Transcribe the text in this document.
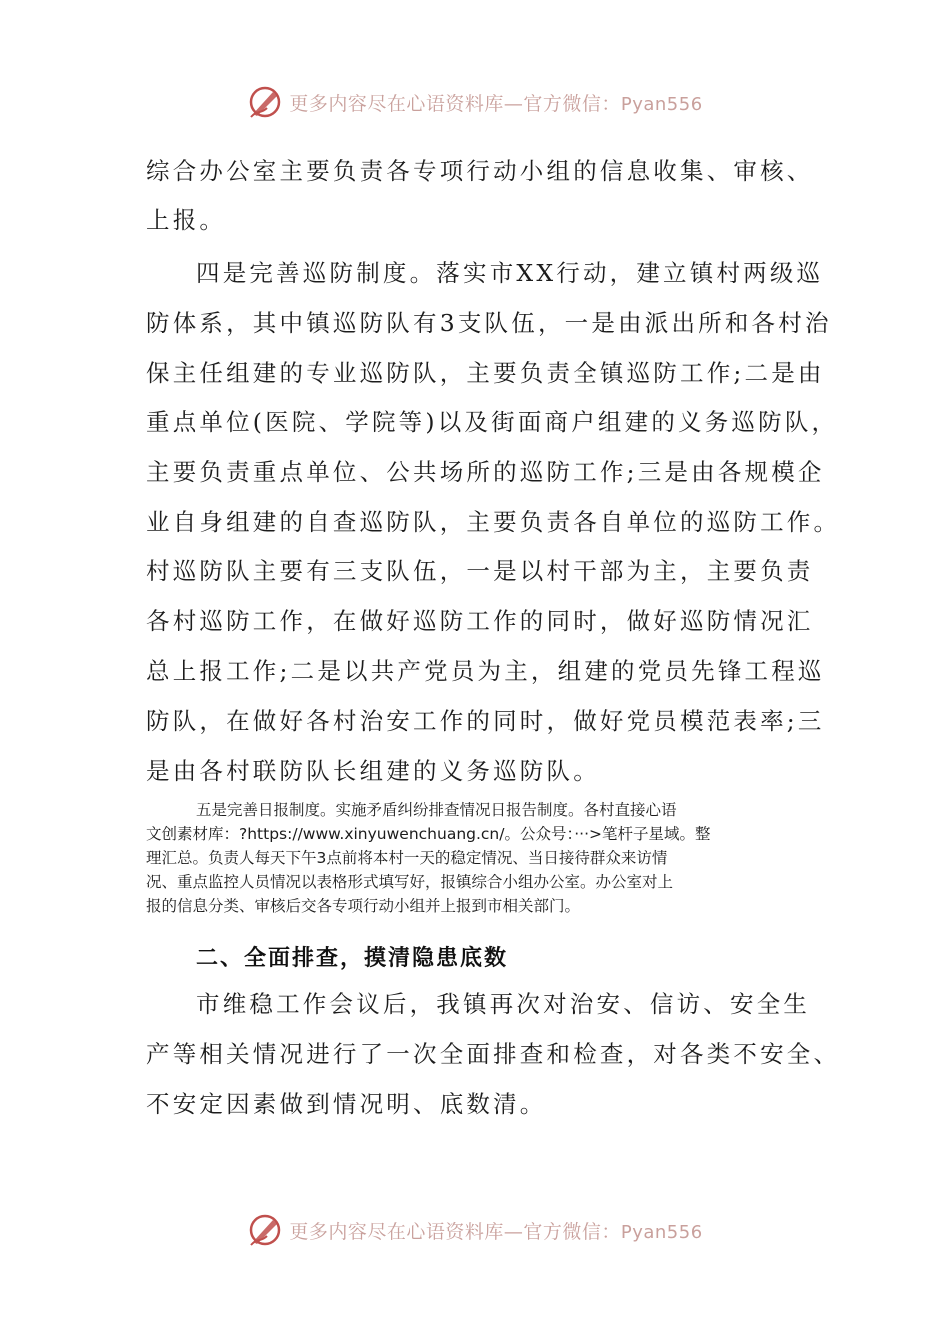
更多内容尽在心语资料库—官方微信：Pyan556
综合办公室主要负责各专项行动小组的信息收集、审核、
上报。
四是完善巡防制度。落实市XX行动，建立镇村两级巡
防体系，其中镇巡防队有3支队伍，一是由派出所和各村治
保主任组建的专业巡防队，主要负责全镇巡防工作;二是由
重点单位(医院、学院等)以及街面商户组建的义务巡防队，
主要负责重点单位、公共场所的巡防工作;三是由各规模企
业自身组建的自查巡防队，主要负责各自单位的巡防工作。
村巡防队主要有三支队伍，一是以村干部为主，主要负责
各村巡防工作，在做好巡防工作的同时，做好巡防情况汇
总上报工作;二是以共产党员为主，组建的党员先锋工程巡
防队，在做好各村治安工作的同时，做好党员模范表率;三
是由各村联防队长组建的义务巡防队。
五是完善日报制度。实施矛盾纠纷排查情况日报告制度。各村直接心语
文创素材库：?https://www.xinyuwenchuang.cn/。公众号：···>笔杆子星域。整
理汇总。负责人每天下午3点前将本村一天的稳定情况、当日接待群众来访情
况、重点监控人员情况以表格形式填写好，报镇综合小组办公室。办公室对上
报的信息分类、审核后交各专项行动小组并上报到市相关部门。
二、全面排查，摸清隐患底数
市维稳工作会议后，我镇再次对治安、信访、安全生
产等相关情况进行了一次全面排查和检查，对各类不安全、
不安定因素做到情况明、底数清。
更多内容尽在心语资料库—官方微信：Pyan556
